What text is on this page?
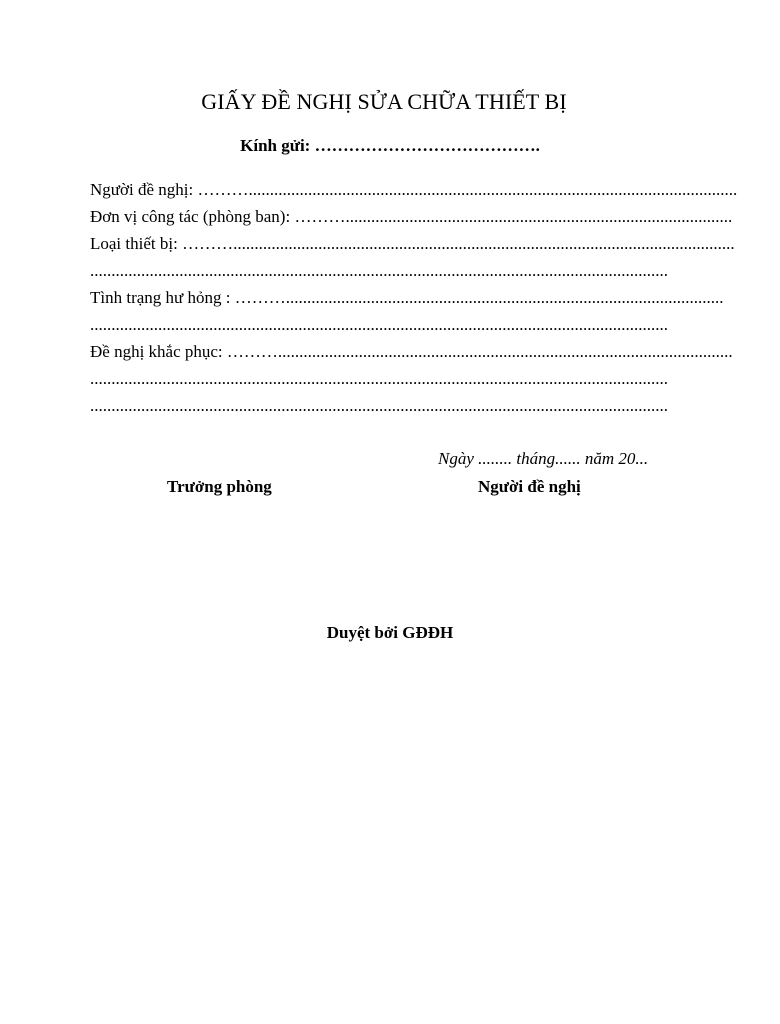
GIẤY ĐỀ NGHỊ SỬA CHỮA THIẾT BỊ
Kính gửi: ………………………………….
Người đề nghị: ………...................................................................................................................
Đơn vị công tác (phòng ban): ………...........................................................................................
Loại thiết bị: ………......................................................................................................................
........................................................................................................................................
Tình trạng hư hỏng : ……….......................................................................................................
........................................................................................................................................
Đề nghị khắc phục: ………...........................................................................................................
........................................................................................................................................
........................................................................................................................................
Ngày ........ tháng...... năm 20...
Trưởng phòng	Người đề nghị
Duyệt bởi GĐĐH
